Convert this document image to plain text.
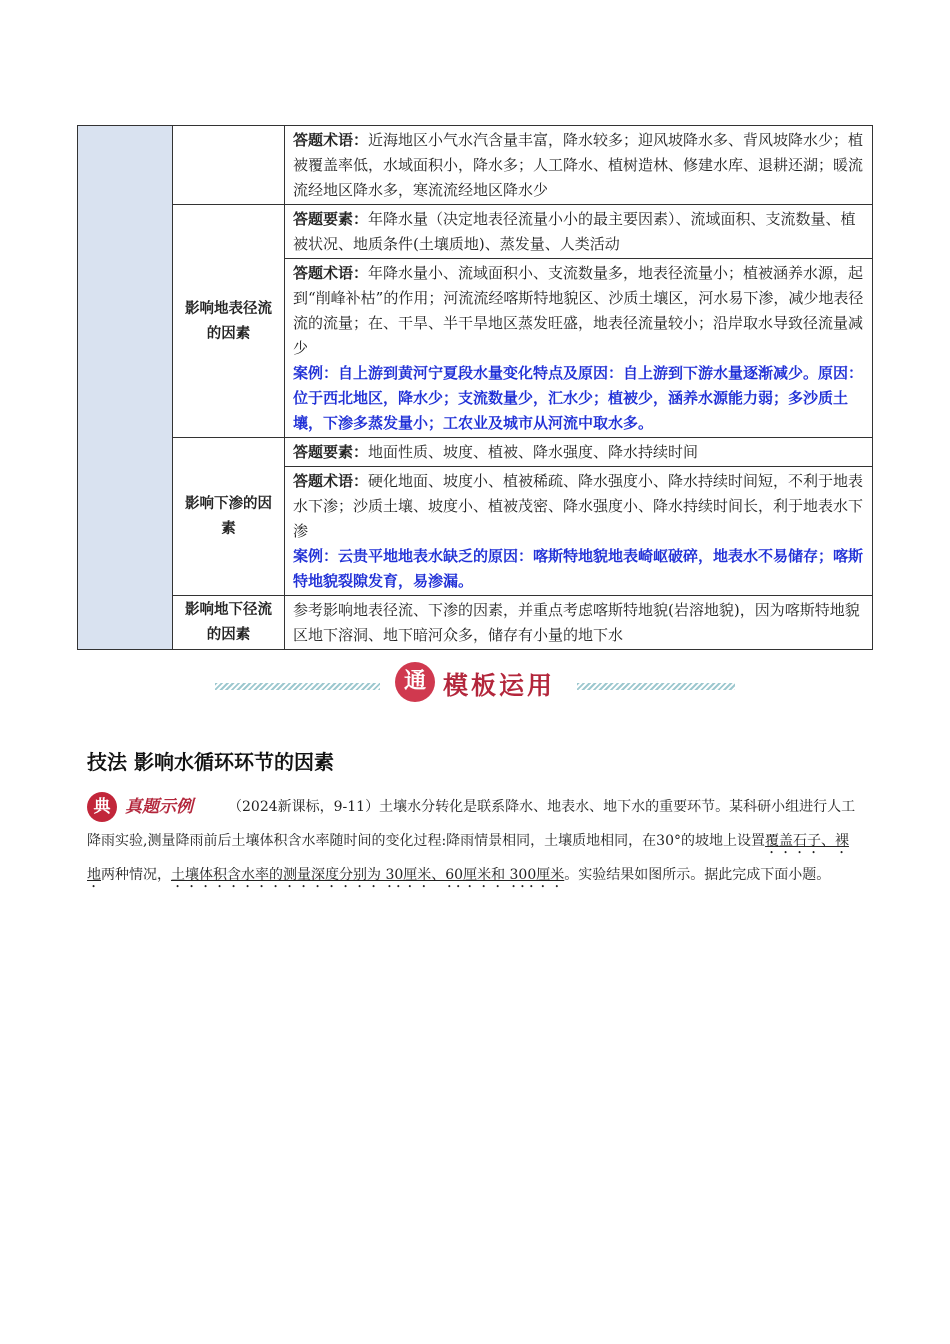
		答题术语：近海地区小气水汽含量丰富，降水较多；迎风坡降水多、背风坡降水少；植被覆盖率低，水域面积小，降水多；人工降水、植树造林、修建水库、退耕还湖；暖流流经地区降水多，寒流流经地区降水少
	影响地表径流的因素	答题要素：年降水量（决定地表径流量小小的最主要因素）、流域面积、支流数量、植被状况、地质条件(土壤质地)、蒸发量、人类活动
		答题术语：年降水量小、流域面积小、支流数量多，地表径流量小；植被涵养水源，起到“削峰补枯”的作用；河流流经喀斯特地貌区、沙质土壤区，河水易下渗，减少地表径流的流量；在、干旱、半干旱地区蒸发旺盛，地表径流量较小；沿岸取水导致径流量减少
案例：自上游到黄河宁夏段水量变化特点及原因：自上游到下游水量逐渐减少。原因：位于西北地区，降水少；支流数量少，汇水少；植被少，涵养水源能力弱；多沙质土壤，下渗多蒸发量小；工农业及城市从河流中取水多。
	影响下渗的因素	答题要素：地面性质、坡度、植被、降水强度、降水持续时间
		答题术语：硬化地面、坡度小、植被稀疏、降水强度小、降水持续时间短，不利于地表水下渗；沙质土壤、坡度小、植被茂密、降水强度小、降水持续时间长，利于地表水下渗
案例：云贵平地地表水缺乏的原因：喀斯特地貌地表崎岖破碎，地表水不易储存；喀斯特地貌裂隙发育，易渗漏。
	影响地下径流的因素	参考影响地表径流、下渗的因素，并重点考虑喀斯特地貌(岩溶地貌)，因为喀斯特地貌区地下溶洞、地下暗河众多，储存有小量的地下水
通 模板运用
技法 影响水循环环节的因素
典 真题示例	（2024新课标，9-11）土壤水分转化是联系降水、地表水、地下水的重要环节。某科研小组进行人工降雨实验,测量降雨前后土壤体积含水率随时间的变化过程:降雨情景相同，土壤质地相同，在30°的坡地上设置覆盖石子、裸地两种情况，土壤体积含水率的测量深度分别为 30厘米、60厘米和 300厘米。实验结果如图所示。据此完成下面小题。
